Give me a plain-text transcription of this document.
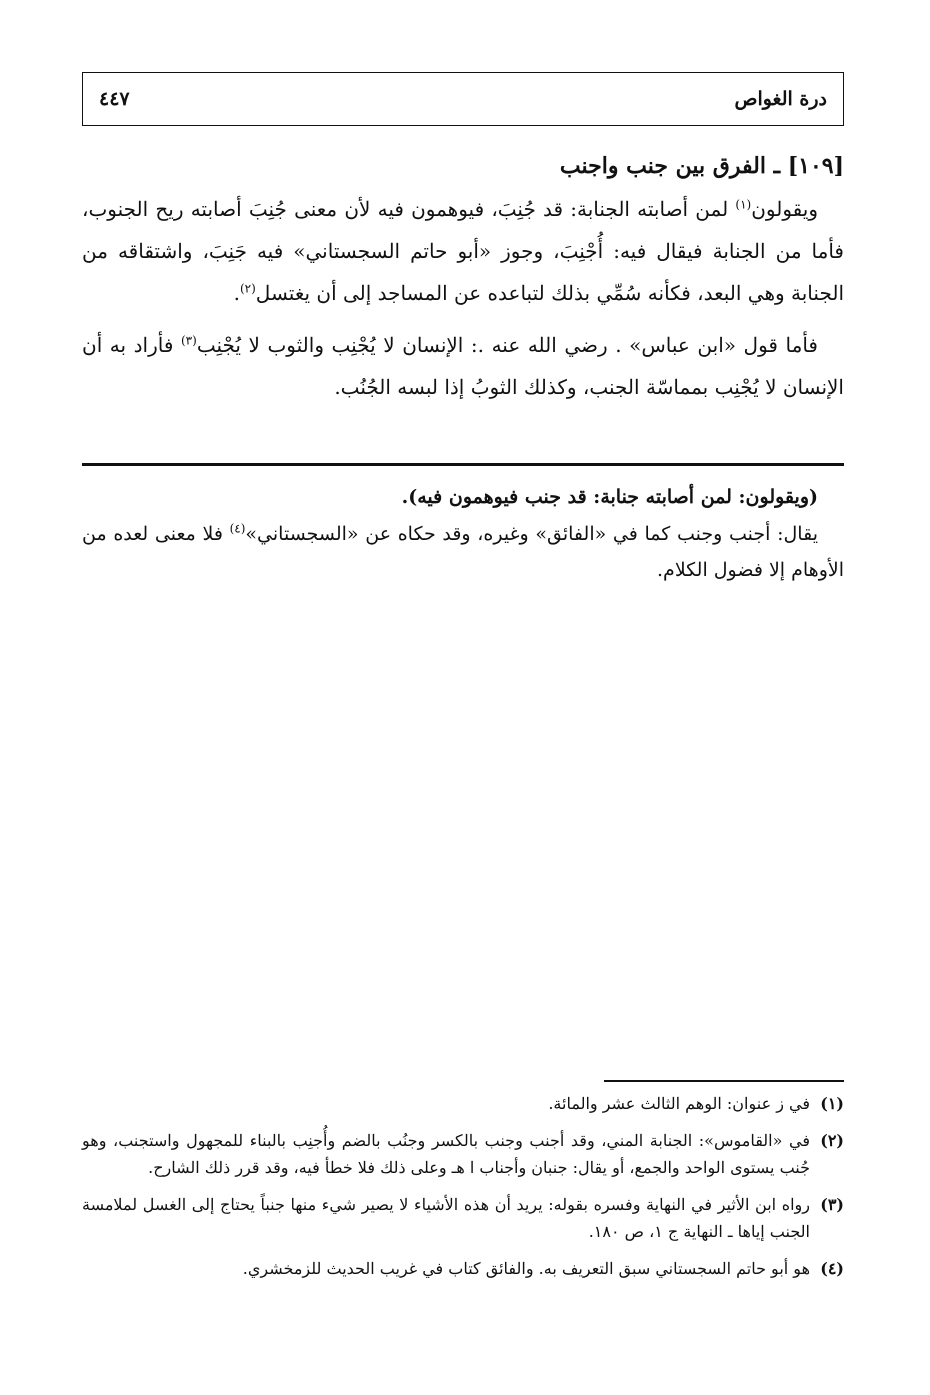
درة الغواص
٤٤٧
[١٠٩] ـ الفرق بين جنب واجنب

ويقولون$^{(١)}$ لمن أصابته الجنابة: قد جُنِبَ، فيوهمون فيه لأن معنى جُنِبَ أصابته ريح الجنوب، فأما من الجنابة فيقال فيه: أُجْنِبَ، وجوز «أبو حاتم السجستاني» فيه جَنِبَ، واشتقاقه من الجنابة وهي البعد، فكأنه سُمِّي بذلك لتباعده عن المساجد إلى أن يغتسل$^{(٢)}$.

فأما قول «ابن عباس» . رضي الله عنه .: الإنسان لا يُجْنِب والثوب لا يُجْنِب$^{(٣)}$ فأراد به أن الإنسان لا يُجْنِب بمماسّة الجنب، وكذلك الثوبُ إذا لبسه الجُنُب.

(ويقولون: لمن أصابته جنابة: قد جنب فيوهمون فيه).

يقال: أجنب وجنب كما في «الفائق» وغيره، وقد حكاه عن «السجستاني»$^{(٤)}$ فلا معنى لعده من الأوهام إلا فضول الكلام.

(١)
في ز عنوان: الوهم الثالث عشر والمائة.
(٢)
في «القاموس»: الجنابة المني، وقد أجنب وجنب بالكسر وجنُب بالضم وأُجنِب بالبناء للمجهول واستجنب، وهو جُنب يستوى الواحد والجمع، أو يقال: جنبان وأجناب ا هـ وعلى ذلك فلا خطأ فيه، وقد قرر ذلك الشارح.
(٣)
رواه ابن الأثير في النهاية وفسره بقوله: يريد أن هذه الأشياء لا يصير شيء منها جنباً يحتاج إلى الغسل لملامسة الجنب إياها ـ النهاية ج ١، ص ١٨٠.
(٤)
هو أبو حاتم السجستاني سبق التعريف به. والفائق كتاب في غريب الحديث للزمخشري.
